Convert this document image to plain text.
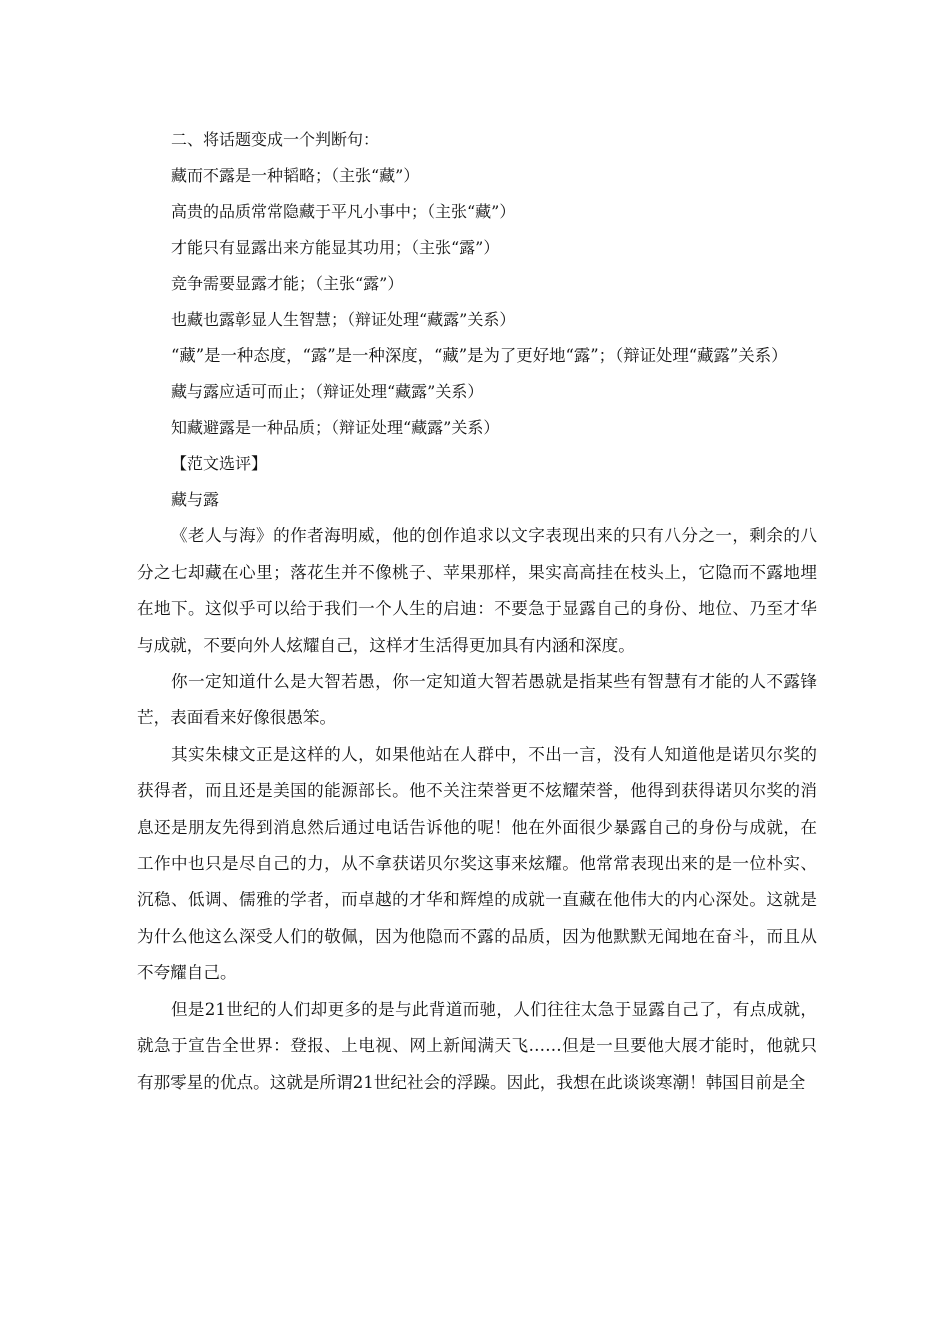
二、将话题变成一个判断句：

藏而不露是一种韬略；（主张“藏”）

高贵的品质常常隐藏于平凡小事中；（主张“藏”）

才能只有显露出来方能显其功用；（主张“露”）

竞争需要显露才能；（主张“露”）

也藏也露彰显人生智慧；（辩证处理“藏露”关系）

“藏”是一种态度，“露”是一种深度，“藏”是为了更好地“露”；（辩证处理“藏露”关系）

藏与露应适可而止；（辩证处理“藏露”关系）

知藏避露是一种品质；（辩证处理“藏露”关系）

【范文选评】

藏与露

《老人与海》的作者海明威，他的创作追求以文字表现出来的只有八分之一，剩余的八分之七却藏在心里；落花生并不像桃子、苹果那样，果实高高挂在枝头上，它隐而不露地埋在地下。这似乎可以给于我们一个人生的启迪：不要急于显露自己的身份、地位、乃至才华与成就，不要向外人炫耀自己，这样才生活得更加具有内涵和深度。

你一定知道什么是大智若愚，你一定知道大智若愚就是指某些有智慧有才能的人不露锋芒，表面看来好像很愚笨。

其实朱棣文正是这样的人，如果他站在人群中，不出一言，没有人知道他是诺贝尔奖的获得者，而且还是美国的能源部长。他不关注荣誉更不炫耀荣誉，他得到获得诺贝尔奖的消息还是朋友先得到消息然后通过电话告诉他的呢！他在外面很少暴露自己的身份与成就，在工作中也只是尽自己的力，从不拿获诺贝尔奖这事来炫耀。他常常表现出来的是一位朴实、沉稳、低调、儒雅的学者，而卓越的才华和辉煌的成就一直藏在他伟大的内心深处。这就是为什么他这么深受人们的敬佩，因为他隐而不露的品质，因为他默默无闻地在奋斗，而且从不夸耀自己。

但是21世纪的人们却更多的是与此背道而驰，人们往往太急于显露自己了，有点成就，就急于宣告全世界：登报、上电视、网上新闻满天飞……但是一旦要他大展才能时，他就只有那零星的优点。这就是所谓21世纪社会的浮躁。因此，我想在此谈谈寒潮！韩国目前是全
